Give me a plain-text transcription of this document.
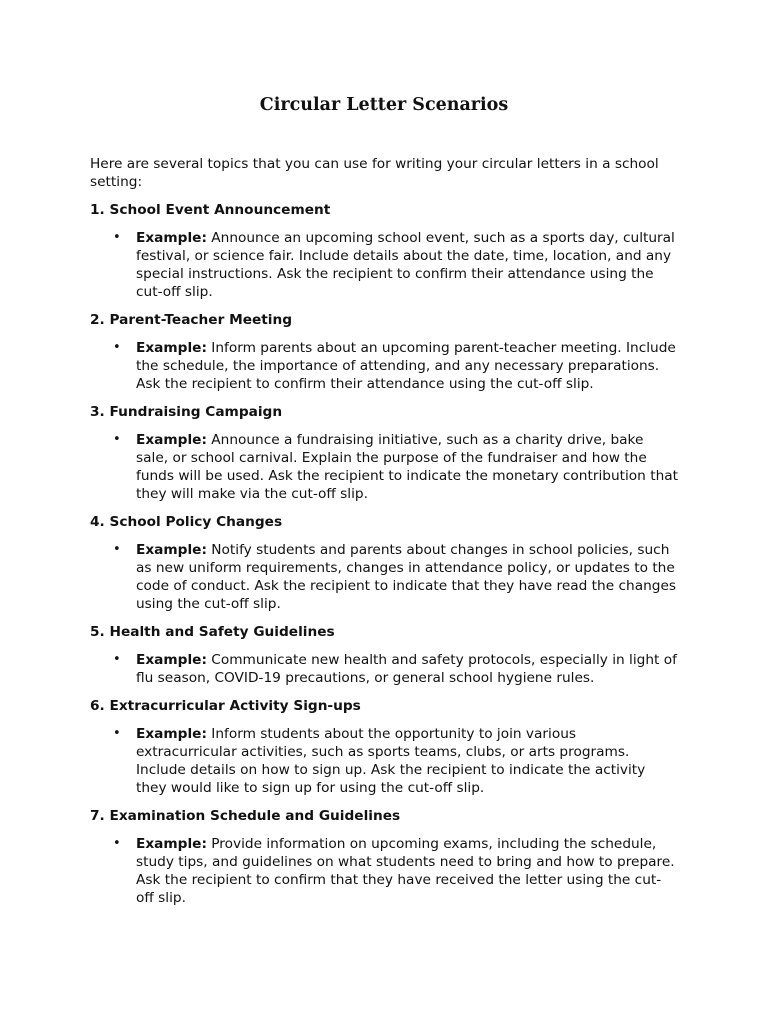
Circular Letter Scenarios

Here are several topics that you can use for writing your circular letters in a school setting:

1. School Event Announcement
• Example: Announce an upcoming school event, such as a sports day, cultural festival, or science fair. Include details about the date, time, location, and any special instructions. Ask the recipient to confirm their attendance using the cut-off slip.
2. Parent-Teacher Meeting
• Example: Inform parents about an upcoming parent-teacher meeting. Include the schedule, the importance of attending, and any necessary preparations. Ask the recipient to confirm their attendance using the cut-off slip.
3. Fundraising Campaign
• Example: Announce a fundraising initiative, such as a charity drive, bake sale, or school carnival. Explain the purpose of the fundraiser and how the funds will be used. Ask the recipient to indicate the monetary contribution that they will make via the cut-off slip.
4. School Policy Changes
• Example: Notify students and parents about changes in school policies, such as new uniform requirements, changes in attendance policy, or updates to the code of conduct. Ask the recipient to indicate that they have read the changes using the cut-off slip.
5. Health and Safety Guidelines
• Example: Communicate new health and safety protocols, especially in light of flu season, COVID-19 precautions, or general school hygiene rules.
6. Extracurricular Activity Sign-ups
• Example: Inform students about the opportunity to join various extracurricular activities, such as sports teams, clubs, or arts programs. Include details on how to sign up. Ask the recipient to indicate the activity they would like to sign up for using the cut-off slip.
7. Examination Schedule and Guidelines
• Example: Provide information on upcoming exams, including the schedule, study tips, and guidelines on what students need to bring and how to prepare. Ask the recipient to confirm that they have received the letter using the cut-off slip.
